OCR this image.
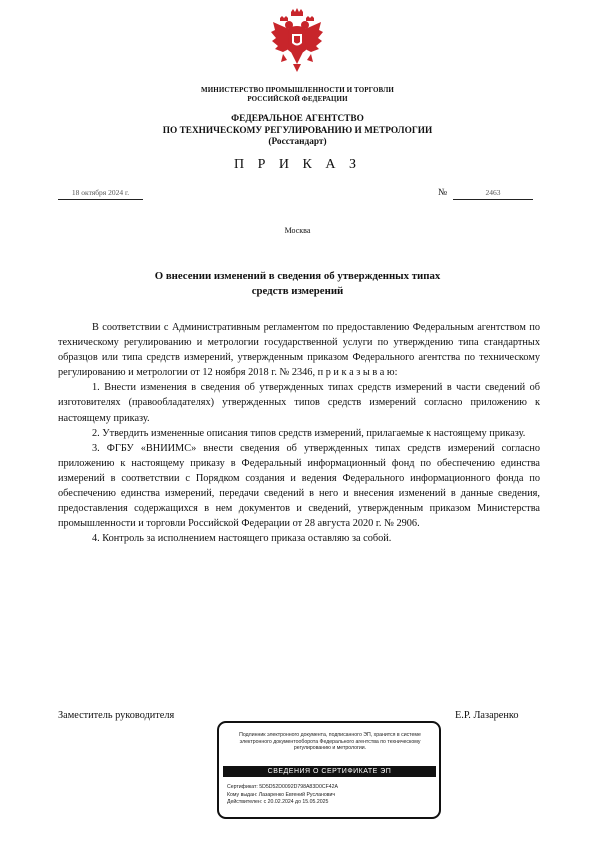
МИНИСТЕРСТВО ПРОМЫШЛЕННОСТИ И ТОРГОВЛИ
РОССИЙСКОЙ ФЕДЕРАЦИИ
ФЕДЕРАЛЬНОЕ АГЕНТСТВО
ПО ТЕХНИЧЕСКОМУ РЕГУЛИРОВАНИЮ И МЕТРОЛОГИИ
(Росстандарт)
П Р И К А З
18 октября 2024 г.	№	2463
Москва
О внесении изменений в сведения об утвержденных типах
средств измерений

В соответствии с Административным регламентом по предоставлению Федеральным агентством по техническому регулированию и метрологии государственной услуги по утверждению типа стандартных образцов или типа средств измерений, утвержденным приказом Федерального агентства по техническому регулированию и метрологии от 12 ноября 2018 г. № 2346, п р и к а з ы в а ю:

1. Внести изменения в сведения об утвержденных типах средств измерений в части сведений об изготовителях (правообладателях) утвержденных типов средств измерений согласно приложению к настоящему приказу.

2. Утвердить измененные описания типов средств измерений, прилагаемые к настоящему приказу.

3. ФГБУ «ВНИИМС» внести сведения об утвержденных типах средств измерений согласно приложению к настоящему приказу в Федеральный информационный фонд по обеспечению единства измерений в соответствии с Порядком создания и ведения Федерального информационного фонда по обеспечению единства измерений, передачи сведений в него и внесения изменений в данные сведения, предоставления содержащихся в нем документов и сведений, утвержденным приказом Министерства промышленности и торговли Российской Федерации от 28 августа 2020 г. № 2906.

4. Контроль за исполнением настоящего приказа оставляю за собой.

Заместитель руководителя	Е.Р. Лазаренко
Подлинник электронного документа, подписанного ЭП, хранится в системе электронного документооборота Федерального агентства по техническому регулированию и метрологии.
СВЕДЕНИЯ О СЕРТИФИКАТЕ ЭП
Сертификат: 5D5D52D0092D798A83D0CF42A
Кому выдан: Лазаренко Евгений Русланович
Действителен: с 20.02.2024 до 15.05.2025
